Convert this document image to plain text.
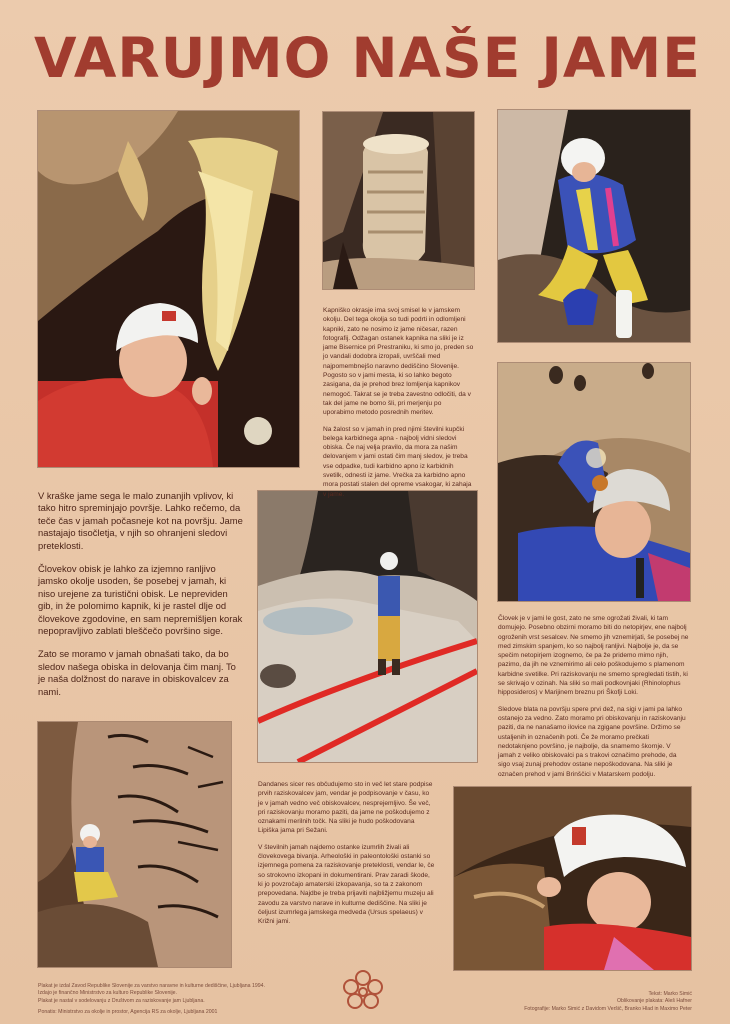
VARUJMO NAŠE JAME

Kapniško okrasje ima svoj smisel le v jamskem okolju. Del tega okolja so tudi podrti in odlomljeni kapniki, zato ne nosimo iz jame ničesar, razen fotografij. Odžagan ostanek kapnika na sliki je iz jame Bisernice pri Prestraniku, ki smo jo, preden so jo vandali dodobra izropali, uvrščali med najpomembnejšo naravno dediščino Slovenije. Pogosto so v jami mesta, ki so lahko begoto zasigana, da je prehod brez lomljenja kapnikov nemogoč. Takrat se je treba zavestno odločiti, da v tak del jame ne bomo šli, pri merjenju po uporabimo metodo posrednih meritev.

Na žalost so v jamah in pred njimi številni kupčki belega karbidnega apna - najbolj vidni sledovi obiska. Če naj velja pravilo, da mora za našim delovanjem v jami ostati čim manj sledov, je treba vse odpadke, tudi karbidno apno iz karbidnih svetilk, odnesti iz jame. Vrečka za karbidno apno mora postati stalen del opreme vsakogar, ki zahaja v jame.

V kraške jame sega le malo zunanjih vplivov, ki tako hitro spreminjajo površje. Lahko rečemo, da teče čas v jamah počasneje kot na površju. Jame nastajajo tisočletja, v njih so ohranjeni sledovi preteklosti.

Človekov obisk je lahko za izjemno ranljivo jamsko okolje usoden, še posebej v jamah, ki niso urejene za turistični obisk. Le nepreviden gib, in že polomimo kapnik, ki je rastel dlje od človekove zgodovine, en sam nepremišljen korak nepopravljivo zablati bleščečo površino sige.

Zato se moramo v jamah obnašati tako, da bo sledov našega obiska in delovanja čim manj. To je naša dolžnost do narave in obiskovalcev za nami.

Človek je v jami le gost, zato ne sme ogrožati živali, ki tam domujejo. Posebno obzirni moramo biti do netopirjev, ene najbolj ogroženih vrst sesalcev. Ne smemo jih vznemirjati, še posebej ne med zimskim spanjem, ko so najbolj ranljivi. Najbolje je, da se spečim netopirjem izognemo, če pa že pridemo mimo njih, pazimo, da jih ne vznemirimo ali celo poškodujemo s plamenom karbidne svetilke. Pri raziskovanju ne smemo spregledati tistih, ki se skrivajo v ozinah. Na sliki so mali podkovnjaki (Rhinolophus hipposideros) v Marijinem breznu pri Škofji Loki.

Sledove blata na površju spere prvi dež, na sigi v jami pa lahko ostanejo za vedno. Zato moramo pri obiskovanju in raziskovanju paziti, da ne nanašamo ilovice na zgigane površine. Držimo se ustaljenih in označenih poti. Če že moramo prečkati nedotaknjeno površino, je najbolje, da snamemo škornje. V jamah z veliko obiskovalci pa s trakovi označimo prehode, da sigo vsaj zunaj prehodov ostane nepoškodovana. Na sliki je označen prehod v jami Brinščici v Matarskem podolju.

Dandanes sicer res občudujemo sto in več let stare podpise prvih raziskovalcev jam, vendar je podpisovanje v času, ko je v jamah vedno več obiskovalcev, nesprejemljivo. Še več, pri raziskovanju moramo paziti, da jame ne poškodujemo z oznakami merilnih točk. Na sliki je hudo poškodovana Lipiška jama pri Sežani.

V številnih jamah najdemo ostanke izumrlih živali ali človekovega bivanja. Arheološki in paleontološki ostanki so izjemnega pomena za raziskovanje preteklosti, vendar le, če so strokovno izkopani in dokumentirani. Prav zaradi škode, ki jo povzročajo amaterski izkopavanja, so ta z zakonom prepovedana. Najdbe je treba prijaviti najbližjemu muzeju ali zavodu za varstvo narave in kulturne dediščine. Na sliki je čeljust izumrlega jamskega medveda (Ursus spelaeus) v Križni jami.

Plakat je izdal Zavod Republike Slovenije za varstvo naravne in kulturne dediščine, Ljubljana 1994.
Izdajo je finančno Ministrstvo za kulturo Republike Slovenije.
Plakat je nastal v sodelovanju z Društvom za raziskovanje jam Ljubljana.
Ponatis: Ministrstvo za okolje in prostor, Agencija RS za okolje, Ljubljana 2001
Tekst: Marko Simić
Oblikovanje plakata: Aleš Hafner
Fotografije: Marko Simić z Davidom Veršič, Branko Hlad in Maximo Peter
